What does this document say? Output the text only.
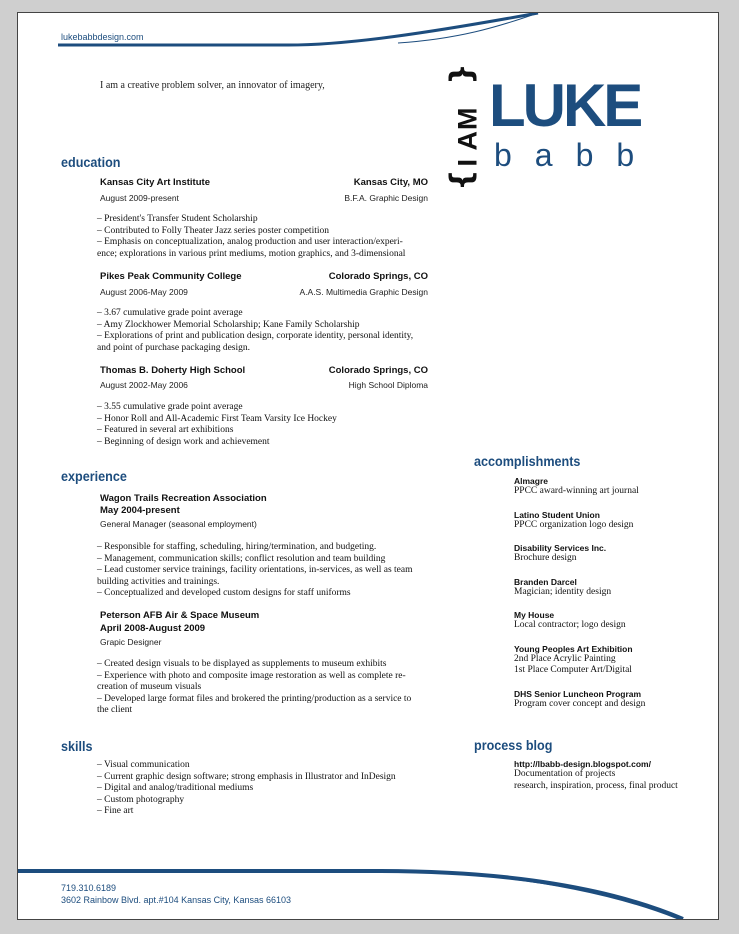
lukebabbdesign.com
I am a creative problem solver, an innovator of imagery,
{
I AM
}
LUKE
babb
education
Kansas City Art Institute	Kansas City, MO
August 2009-present	B.F.A. Graphic Design
– President's Transfer Student Scholarship
– Contributed to Folly Theater Jazz series poster competition
– Emphasis on conceptualization, analog production and user interaction/experi-
ence; explorations in various print mediums, motion graphics, and 3-dimensional
Pikes Peak Community College	Colorado Springs, CO
August 2006-May 2009	A.A.S. Multimedia Graphic Design
– 3.67 cumulative grade point average
– Amy Zlockhower Memorial Scholarship; Kane Family Scholarship
– Explorations of print and publication design, corporate identity, personal identity,
and point of purchase packaging design.
Thomas B. Doherty High School	Colorado Springs, CO
August 2002-May 2006	High School Diploma
– 3.55 cumulative grade point average
– Honor Roll and All-Academic First Team Varsity Ice Hockey
– Featured in several art exhibitions
– Beginning of design work and achievement
experience
Wagon Trails Recreation Association
May 2004-present
General Manager (seasonal employment)
– Responsible for staffing, scheduling, hiring/termination, and budgeting.
– Management, communication skills; conflict resolution and team building
– Lead customer service trainings, facility orientations, in-services, as well as team
building activities and trainings.
– Conceptualized and developed custom designs for staff uniforms
Peterson AFB Air & Space Museum
April 2008-August 2009
Grapic Designer
– Created design visuals to be displayed as supplements to museum exhibits
– Experience with photo and composite image restoration as well as complete re-
creation of museum visuals
– Developed large format files and brokered the printing/production as a service to
the client
skills
– Visual communication
– Current graphic design software; strong emphasis in Illustrator and InDesign
– Digital and analog/traditional mediums
– Custom photography
– Fine art
accomplishments
Almagre
PPCC award-winning art journal
Latino Student Union
PPCC organization logo design
Disability Services Inc.
Brochure design
Branden Darcel
Magician; identity design
My House
Local contractor; logo design
Young Peoples Art Exhibition
2nd Place Acrylic Painting
1st Place Computer Art/Digital
DHS Senior Luncheon Program
Program cover concept and design
process blog
http://lbabb-design.blogspot.com/
Documentation of projects
research, inspiration, process, final product
719.310.6189
3602 Rainbow Blvd. apt.#104 Kansas City, Kansas 66103
